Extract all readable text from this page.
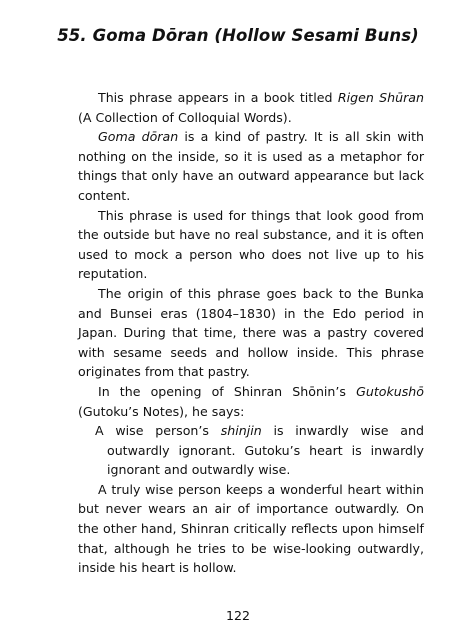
55. Goma Dōran (Hollow Sesami Buns)

This phrase appears in a book titled Rigen Shūran (A Collection of Colloquial Words).

Goma dōran is a kind of pastry. It is all skin with nothing on the inside, so it is used as a metaphor for things that only have an outward appearance but lack content.

This phrase is used for things that look good from the outside but have no real substance, and it is often used to mock a person who does not live up to his reputation.

The origin of this phrase goes back to the Bunka and Bunsei eras (1804–1830) in the Edo period in Japan. During that time, there was a pastry covered with sesame seeds and hollow inside. This phrase originates from that pastry.

In the opening of Shinran Shōnin’s Gutokushō (Gutoku’s Notes), he says:

A wise person’s shinjin is inwardly wise and outwardly ignorant. Gutoku’s heart is inwardly ignorant and outwardly wise.

A truly wise person keeps a wonderful heart within but never wears an air of importance outwardly. On the other hand, Shinran critically reflects upon himself that, although he tries to be wise-looking outwardly, inside his heart is hollow.

122
